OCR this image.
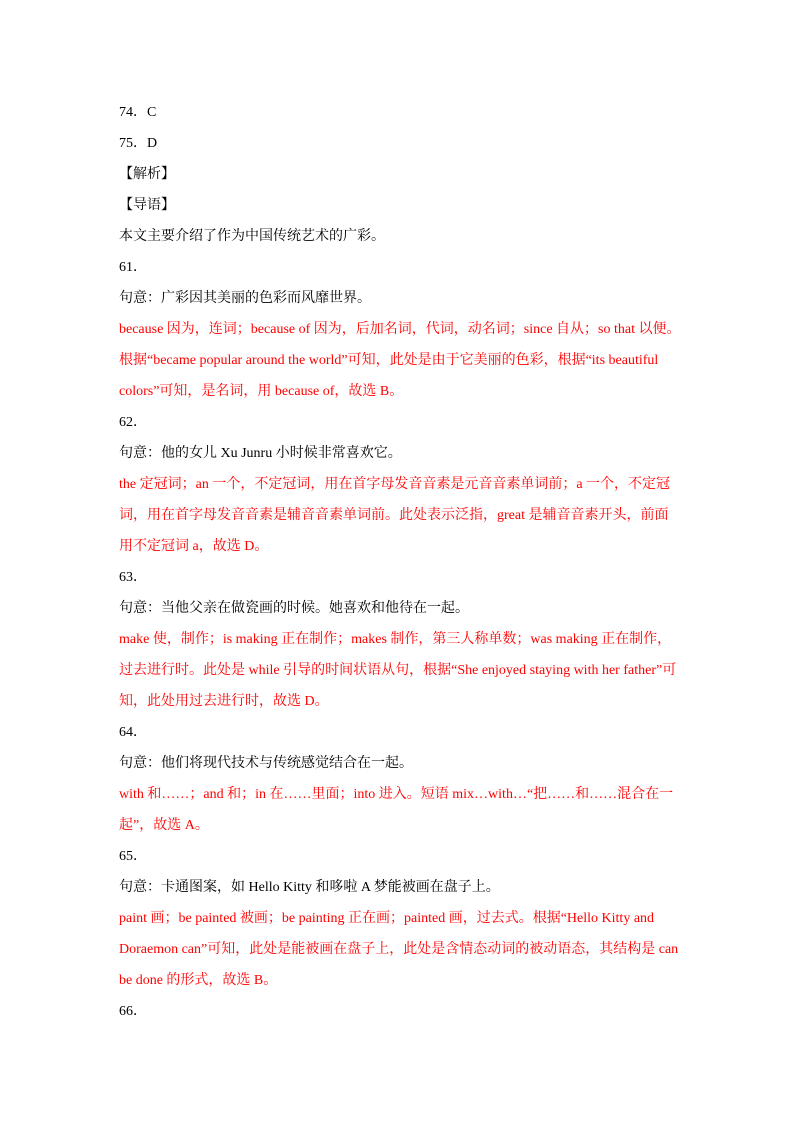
74．C
75．D
【解析】
【导语】
本文主要介绍了作为中国传统艺术的广彩。
61．
句意：广彩因其美丽的色彩而风靡世界。
because 因为，连词；because of 因为，后加名词，代词，动名词；since 自从；so that 以便。
根据“became popular around the world”可知，此处是由于它美丽的色彩，根据“its beautiful
colors”可知，是名词，用 because of，故选 B。
62．
句意：他的女儿 Xu Junru 小时候非常喜欢它。
the 定冠词；an 一个，不定冠词，用在首字母发音音素是元音音素单词前；a 一个，不定冠
词，用在首字母发音音素是辅音音素单词前。此处表示泛指，great 是辅音音素开头，前面
用不定冠词 a，故选 D。
63．
句意：当他父亲在做瓷画的时候。她喜欢和他待在一起。
make 使，制作；is making 正在制作；makes 制作，第三人称单数；was making 正在制作，
过去进行时。此处是 while 引导的时间状语从句，根据“She enjoyed staying with her father”可
知，此处用过去进行时，故选 D。
64．
句意：他们将现代技术与传统感觉结合在一起。
with 和……；and 和；in 在……里面；into 进入。短语 mix…with…“把……和……混合在一
起”，故选 A。
65．
句意：卡通图案，如 Hello Kitty 和哆啦 A 梦能被画在盘子上。
paint 画；be painted 被画；be painting 正在画；painted 画，过去式。根据“Hello Kitty and
Doraemon can”可知，此处是能被画在盘子上，此处是含情态动词的被动语态，其结构是 can
be done 的形式，故选 B。
66．
